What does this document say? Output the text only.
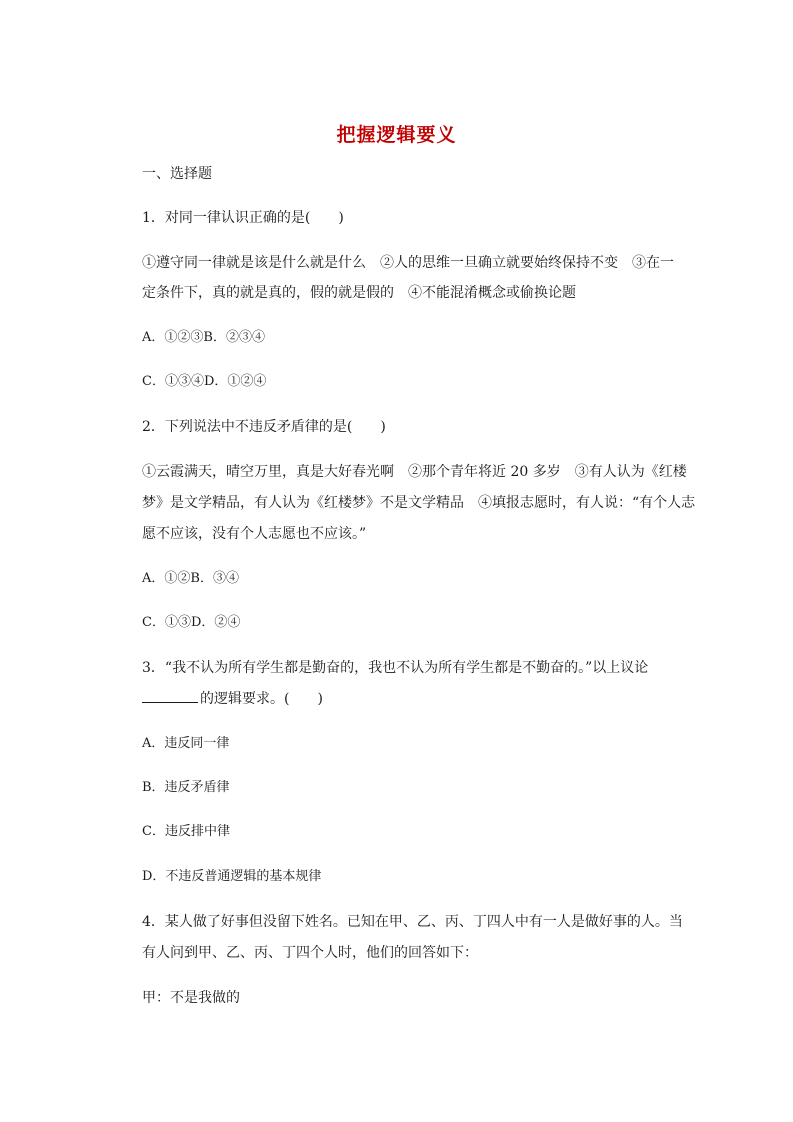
把握逻辑要义
一、选择题
1．对同一律认识正确的是(　　)
①遵守同一律就是该是什么就是什么　②人的思维一旦确立就要始终保持不变　③在一
定条件下，真的就是真的，假的就是假的　④不能混淆概念或偷换论题
A．①②③B．②③④
C．①③④D．①②④
2．下列说法中不违反矛盾律的是(　　)
①云霞满天，晴空万里，真是大好春光啊　②那个青年将近 20 多岁　③有人认为《红楼
梦》是文学精品，有人认为《红楼梦》不是文学精品　④填报志愿时，有人说：“有个人志
愿不应该，没有个人志愿也不应该。”
A．①②B．③④
C．①③D．②④
3．“我不认为所有学生都是勤奋的，我也不认为所有学生都是不勤奋的。”以上议论
的逻辑要求。(　　)
A．违反同一律
B．违反矛盾律
C．违反排中律
D．不违反普通逻辑的基本规律
4．某人做了好事但没留下姓名。已知在甲、乙、丙、丁四人中有一人是做好事的人。当
有人问到甲、乙、丙、丁四个人时，他们的回答如下：
甲：不是我做的
